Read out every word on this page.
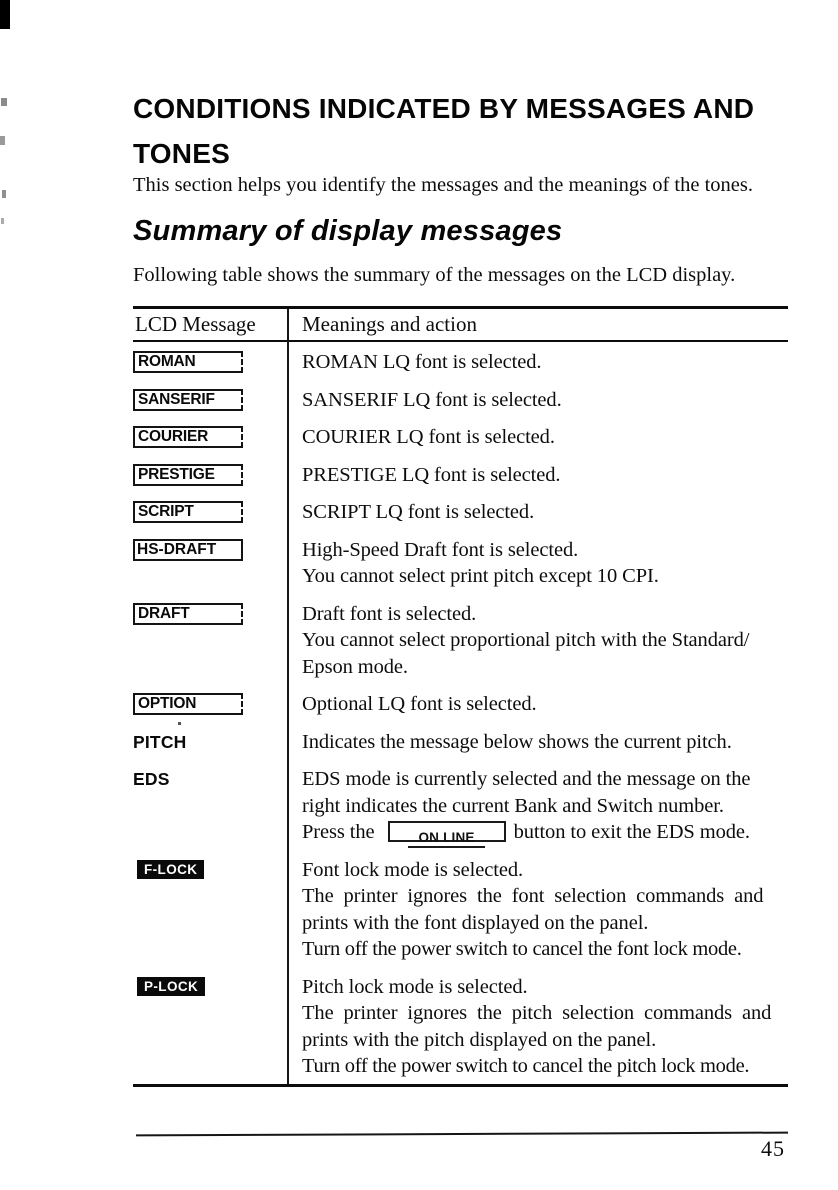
CONDITIONS INDICATED BY MESSAGES AND
TONES
This section helps you identify the messages and the meanings of the tones.
Summary of display messages
Following table shows the summary of the messages on the LCD display.
LCD Message	Meanings and action
ROMAN	ROMAN LQ font is selected.
SANSERIF	SANSERIF LQ font is selected.
COURIER	COURIER LQ font is selected.
PRESTIGE	PRESTIGE LQ font is selected.
SCRIPT	SCRIPT LQ font is selected.
HS-DRAFT	High-Speed Draft font is selected.
You cannot select print pitch except 10 CPI.
DRAFT	Draft font is selected.
You cannot select proportional pitch with the Standard/
Epson mode.
OPTION	Optional LQ font is selected.
PITCH	Indicates the message below shows the current pitch.
EDS	EDS mode is currently selected and the message on the
right indicates the current Bank and Switch number.
Press the	ON LINE button to exit the EDS mode.
F-LOCK	Font lock mode is selected.
The printer ignores the font selection commands and
prints with the font displayed on the panel.
Turn off the power switch to cancel the font lock mode.
P-LOCK	Pitch lock mode is selected.
The printer ignores the pitch selection commands and
prints with the pitch displayed on the panel.
Turn off the power switch to cancel the pitch lock mode.
45
